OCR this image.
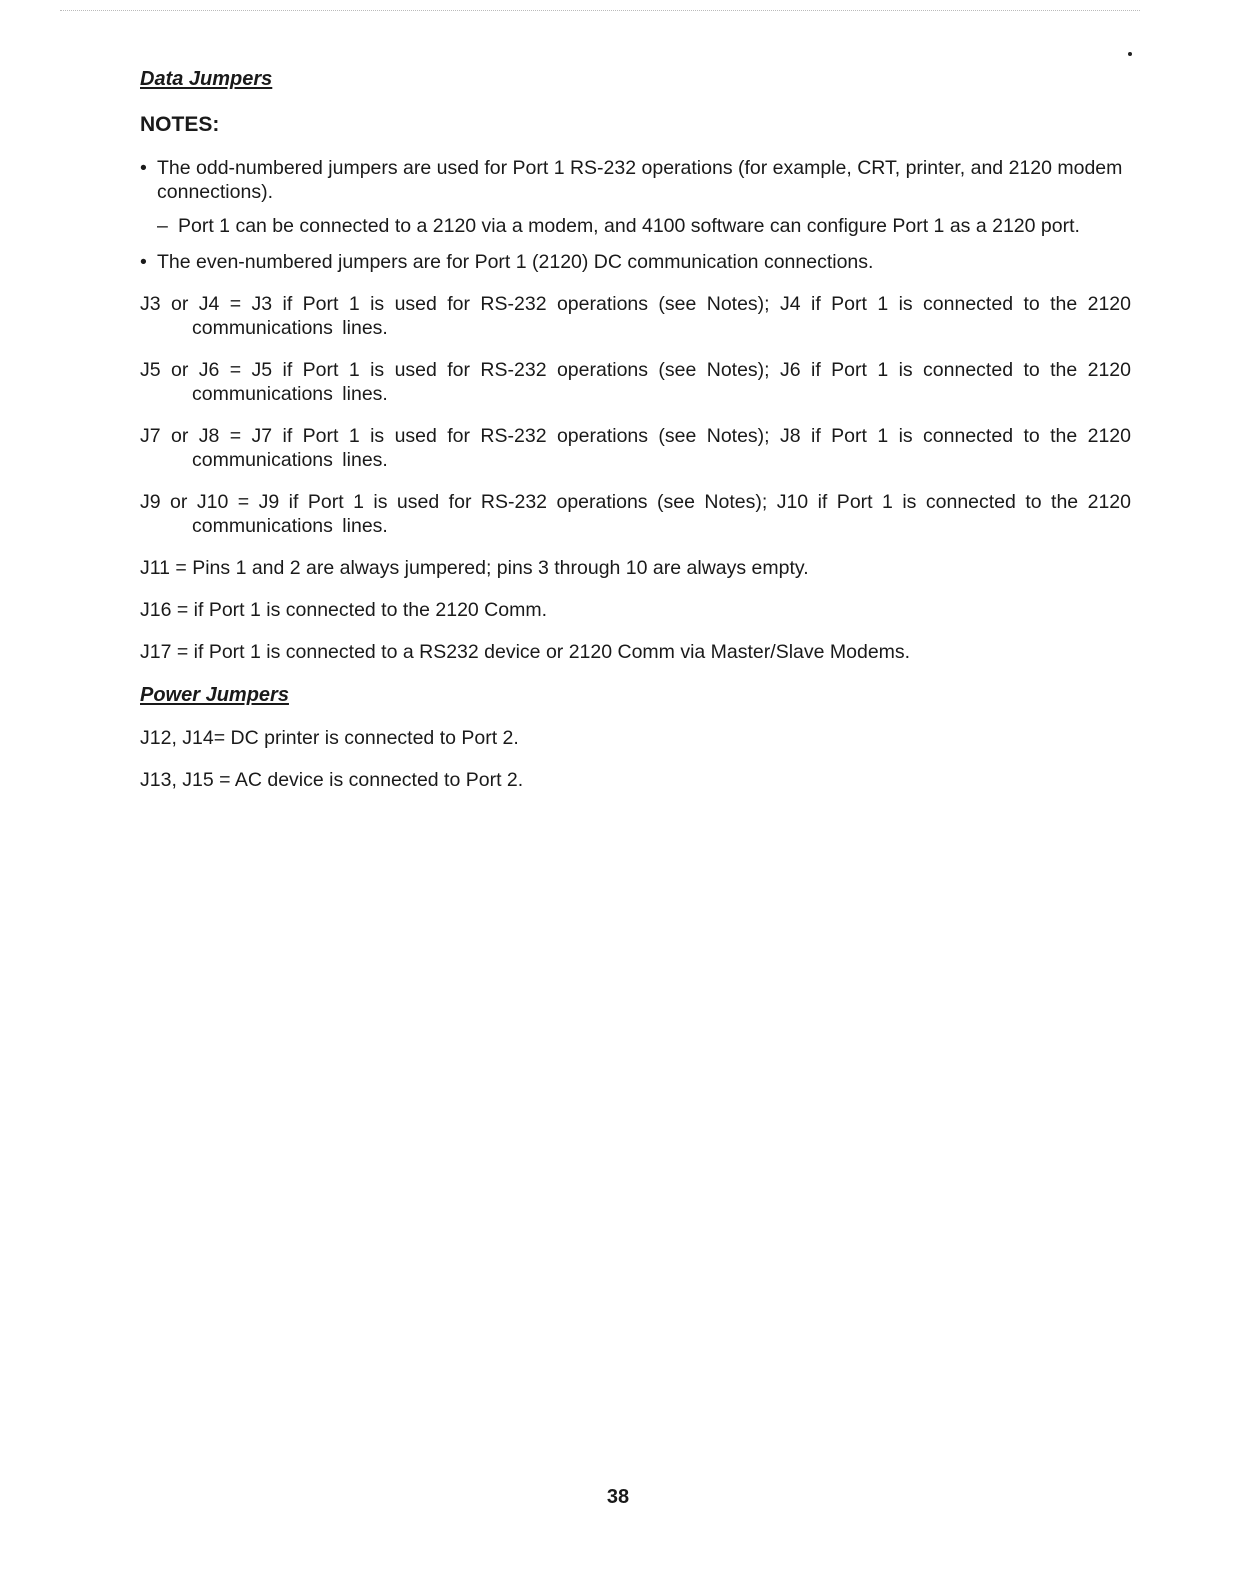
Data Jumpers
NOTES:
• The odd-numbered jumpers are used for Port 1 RS-232 operations (for example, CRT, printer, and 2120 modem connections).
– Port 1 can be connected to a 2120 via a modem, and 4100 software can configure Port 1 as a 2120 port.
• The even-numbered jumpers are for Port 1 (2120) DC communication connections.

J3 or J4 = J3 if Port 1 is used for RS-232 operations (see Notes); J4 if Port 1 is connected to the 2120 communications lines.

J5 or J6 = J5 if Port 1 is used for RS-232 operations (see Notes); J6 if Port 1 is connected to the 2120 communications lines.

J7 or J8 = J7 if Port 1 is used for RS-232 operations (see Notes); J8 if Port 1 is connected to the 2120 communications lines.

J9 or J10 = J9 if Port 1 is used for RS-232 operations (see Notes); J10 if Port 1 is connected to the 2120 communications lines.

J11 = Pins 1 and 2 are always jumpered; pins 3 through 10 are always empty.

J16 = if Port 1 is connected to the 2120 Comm.

J17 = if Port 1 is connected to a RS232 device or 2120 Comm via Master/Slave Modems.

Power Jumpers

J12, J14= DC printer is connected to Port 2.

J13, J15 = AC device is connected to Port 2.

38
